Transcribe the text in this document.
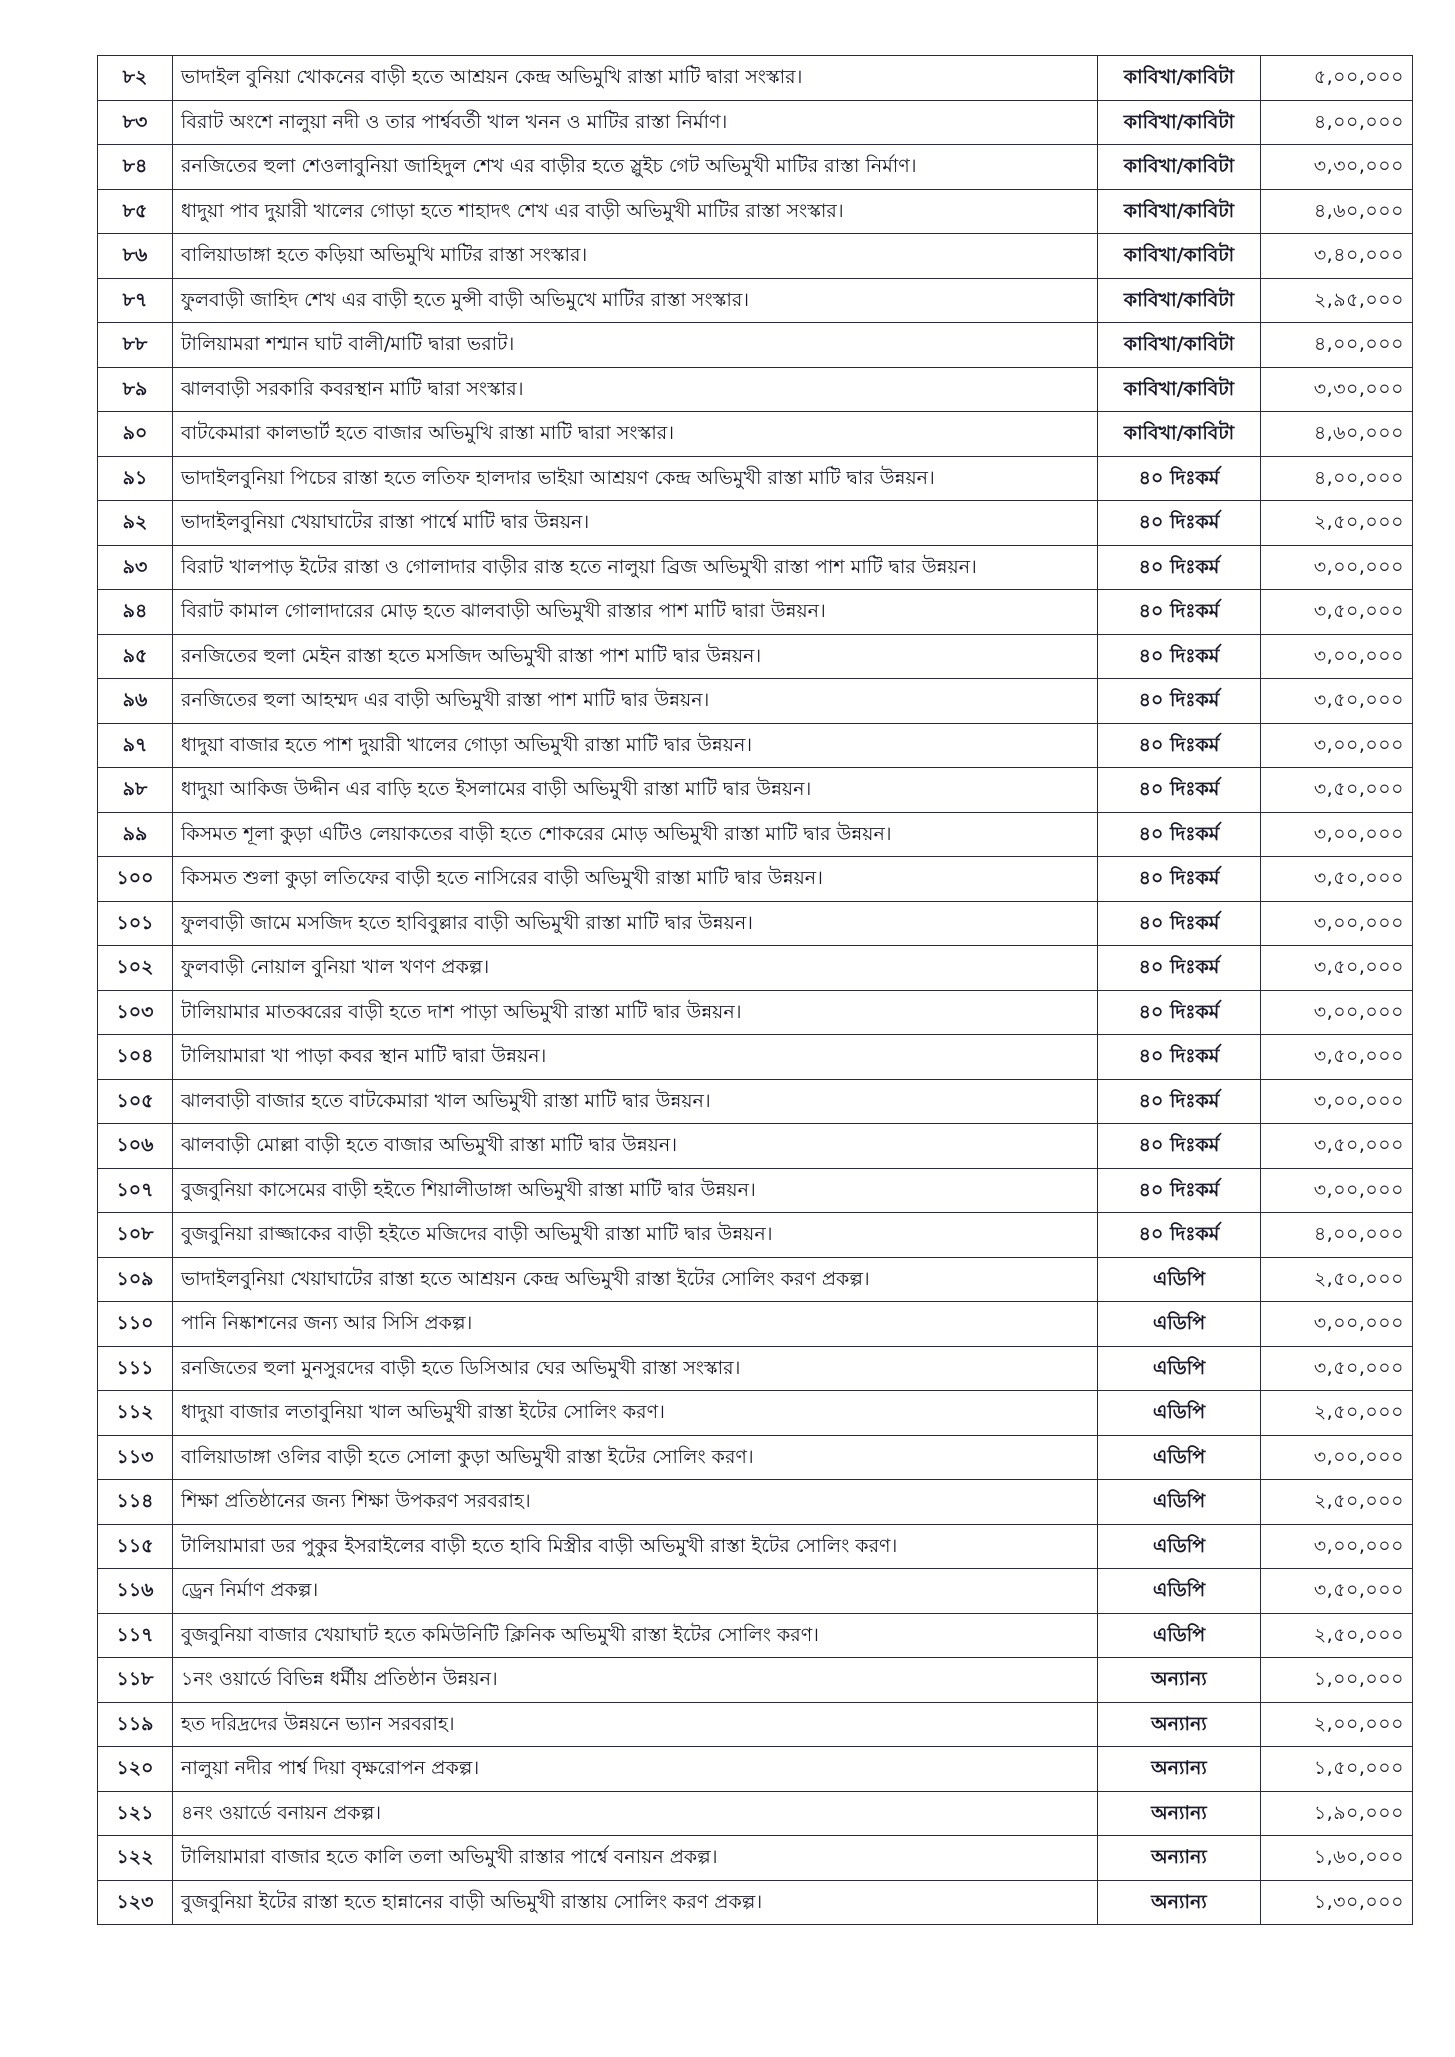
৮২	ভাদাইল বুনিয়া খোকনের বাড়ী হতে আশ্রয়ন কেন্দ্র অভিমুখি রাস্তা মাটি দ্বারা সংস্কার।	কাবিখা/কাবিটা	৫,০০,০০০
৮৩	বিরাট অংশে নালুয়া নদী ও তার পার্শ্ববর্তী খাল খনন ও মাটির রাস্তা নির্মাণ।	কাবিখা/কাবিটা	৪,০০,০০০
৮৪	রনজিতের হুলা শেওলাবুনিয়া জাহিদুল শেখ এর বাড়ীর হতে স্লুইচ গেট অভিমুখী মাটির রাস্তা নির্মাণ।	কাবিখা/কাবিটা	৩,৩০,০০০
৮৫	ধাদুয়া পাব দুয়ারী খালের গোড়া হতে শাহাদৎ শেখ এর বাড়ী অভিমুখী মাটির রাস্তা সংস্কার।	কাবিখা/কাবিটা	৪,৬০,০০০
৮৬	বালিয়াডাঙ্গা হতে কড়িয়া অভিমুখি মাটির রাস্তা সংস্কার।	কাবিখা/কাবিটা	৩,৪০,০০০
৮৭	ফুলবাড়ী জাহিদ শেখ এর বাড়ী হতে মুন্সী বাড়ী অভিমুখে মাটির রাস্তা সংস্কার।	কাবিখা/কাবিটা	২,৯৫,০০০
৮৮	টালিয়ামরা শশ্মান ঘাট বালী/মাটি দ্বারা ভরাট।	কাবিখা/কাবিটা	৪,০০,০০০
৮৯	ঝালবাড়ী সরকারি কবরস্থান মাটি দ্বারা সংস্কার।	কাবিখা/কাবিটা	৩,৩০,০০০
৯০	বাটকেমারা কালভার্ট হতে বাজার অভিমুখি রাস্তা মাটি দ্বারা সংস্কার।	কাবিখা/কাবিটা	৪,৬০,০০০
৯১	ভাদাইলবুনিয়া পিচের রাস্তা হতে লতিফ হালদার ভাইয়া আশ্রয়ণ কেন্দ্র অভিমুখী রাস্তা মাটি দ্বার উন্নয়ন।	৪০ দিঃকর্ম	৪,০০,০০০
৯২	ভাদাইলবুনিয়া খেয়াঘাটের রাস্তা পার্শ্বে মাটি দ্বার উন্নয়ন।	৪০ দিঃকর্ম	২,৫০,০০০
৯৩	বিরাট খালপাড় ইটের রাস্তা ও গোলাদার বাড়ীর রাস্ত হতে নালুয়া ব্রিজ অভিমুখী রাস্তা পাশ মাটি দ্বার উন্নয়ন।	৪০ দিঃকর্ম	৩,০০,০০০
৯৪	বিরাট কামাল গোলাদারের মোড় হতে ঝালবাড়ী অভিমুখী রাস্তার পাশ মাটি দ্বারা উন্নয়ন।	৪০ দিঃকর্ম	৩,৫০,০০০
৯৫	রনজিতের হুলা মেইন রাস্তা হতে মসজিদ অভিমুখী রাস্তা পাশ মাটি দ্বার উন্নয়ন।	৪০ দিঃকর্ম	৩,০০,০০০
৯৬	রনজিতের হুলা আহম্মদ এর বাড়ী অভিমুখী রাস্তা পাশ মাটি দ্বার উন্নয়ন।	৪০ দিঃকর্ম	৩,৫০,০০০
৯৭	ধাদুয়া বাজার হতে পাশ দুয়ারী খালের গোড়া অভিমুখী রাস্তা মাটি দ্বার উন্নয়ন।	৪০ দিঃকর্ম	৩,০০,০০০
৯৮	ধাদুয়া আকিজ উদ্দীন এর বাড়ি হতে ইসলামের বাড়ী অভিমুখী রাস্তা মাটি দ্বার উন্নয়ন।	৪০ দিঃকর্ম	৩,৫০,০০০
৯৯	কিসমত শূলা কুড়া এটিও লেয়াকতের বাড়ী হতে শোকরের মোড় অভিমুখী রাস্তা মাটি দ্বার উন্নয়ন।	৪০ দিঃকর্ম	৩,০০,০০০
১০০	কিসমত শুলা কুড়া লতিফের বাড়ী হতে নাসিরের বাড়ী অভিমুখী রাস্তা মাটি দ্বার উন্নয়ন।	৪০ দিঃকর্ম	৩,৫০,০০০
১০১	ফুলবাড়ী জামে মসজিদ হতে হাবিবুল্লার বাড়ী অভিমুখী রাস্তা মাটি দ্বার উন্নয়ন।	৪০ দিঃকর্ম	৩,০০,০০০
১০২	ফুলবাড়ী নোয়াল বুনিয়া খাল খণণ প্রকল্প।	৪০ দিঃকর্ম	৩,৫০,০০০
১০৩	টালিয়ামার মাতব্বরের বাড়ী হতে দাশ পাড়া অভিমুখী রাস্তা মাটি দ্বার উন্নয়ন।	৪০ দিঃকর্ম	৩,০০,০০০
১০৪	টালিয়ামারা খা পাড়া কবর স্থান মাটি দ্বারা উন্নয়ন।	৪০ দিঃকর্ম	৩,৫০,০০০
১০৫	ঝালবাড়ী বাজার হতে বাটকেমারা খাল অভিমুখী রাস্তা মাটি দ্বার উন্নয়ন।	৪০ দিঃকর্ম	৩,০০,০০০
১০৬	ঝালবাড়ী মোল্লা বাড়ী হতে বাজার অভিমুখী রাস্তা মাটি দ্বার উন্নয়ন।	৪০ দিঃকর্ম	৩,৫০,০০০
১০৭	বুজবুনিয়া কাসেমের বাড়ী হইতে শিয়ালীডাঙ্গা অভিমুখী রাস্তা মাটি দ্বার উন্নয়ন।	৪০ দিঃকর্ম	৩,০০,০০০
১০৮	বুজবুনিয়া রাজ্জাকের বাড়ী হইতে মজিদের বাড়ী অভিমুখী রাস্তা মাটি দ্বার উন্নয়ন।	৪০ দিঃকর্ম	৪,০০,০০০
১০৯	ভাদাইলবুনিয়া খেয়াঘাটের রাস্তা হতে আশ্রয়ন কেন্দ্র অভিমুখী রাস্তা ইটের সোলিং করণ প্রকল্প।	এডিপি	২,৫০,০০০
১১০	পানি নিষ্কাশনের জন্য আর সিসি প্রকল্প।	এডিপি	৩,০০,০০০
১১১	রনজিতের হুলা মুনসুরদের বাড়ী হতে ডিসিআর ঘের অভিমুখী রাস্তা সংস্কার।	এডিপি	৩,৫০,০০০
১১২	ধাদুয়া বাজার লতাবুনিয়া খাল অভিমুখী রাস্তা ইটের সোলিং করণ।	এডিপি	২,৫০,০০০
১১৩	বালিয়াডাঙ্গা ওলির বাড়ী হতে সোলা কুড়া অভিমুখী রাস্তা ইটের সোলিং করণ।	এডিপি	৩,০০,০০০
১১৪	শিক্ষা প্রতিষ্ঠানের জন্য শিক্ষা উপকরণ সরবরাহ।	এডিপি	২,৫০,০০০
১১৫	টালিয়ামারা ডর পুকুর ইসরাইলের বাড়ী হতে হাবি মিস্ত্রীর বাড়ী অভিমুখী রাস্তা ইটের সোলিং করণ।	এডিপি	৩,০০,০০০
১১৬	ড্রেন নির্মাণ প্রকল্প।	এডিপি	৩,৫০,০০০
১১৭	বুজবুনিয়া বাজার খেয়াঘাট হতে কমিউনিটি ক্লিনিক অভিমুখী রাস্তা ইটের সোলিং করণ।	এডিপি	২,৫০,০০০
১১৮	১নং ওয়ার্ডে বিভিন্ন ধর্মীয় প্রতিষ্ঠান উন্নয়ন।	অন্যান্য	১,০০,০০০
১১৯	হত দরিদ্রদের উন্নয়নে ভ্যান সরবরাহ।	অন্যান্য	২,০০,০০০
১২০	নালুয়া নদীর পার্শ্ব দিয়া বৃক্ষরোপন প্রকল্প।	অন্যান্য	১,৫০,০০০
১২১	৪নং ওয়ার্ডে বনায়ন প্রকল্প।	অন্যান্য	১,৯০,০০০
১২২	টালিয়ামারা বাজার হতে কালি তলা অভিমুখী রাস্তার পার্শ্বে বনায়ন প্রকল্প।	অন্যান্য	১,৬০,০০০
১২৩	বুজবুনিয়া ইটের রাস্তা হতে হান্নানের বাড়ী অভিমুখী রাস্তায় সোলিং করণ প্রকল্প।	অন্যান্য	১,৩০,০০০
